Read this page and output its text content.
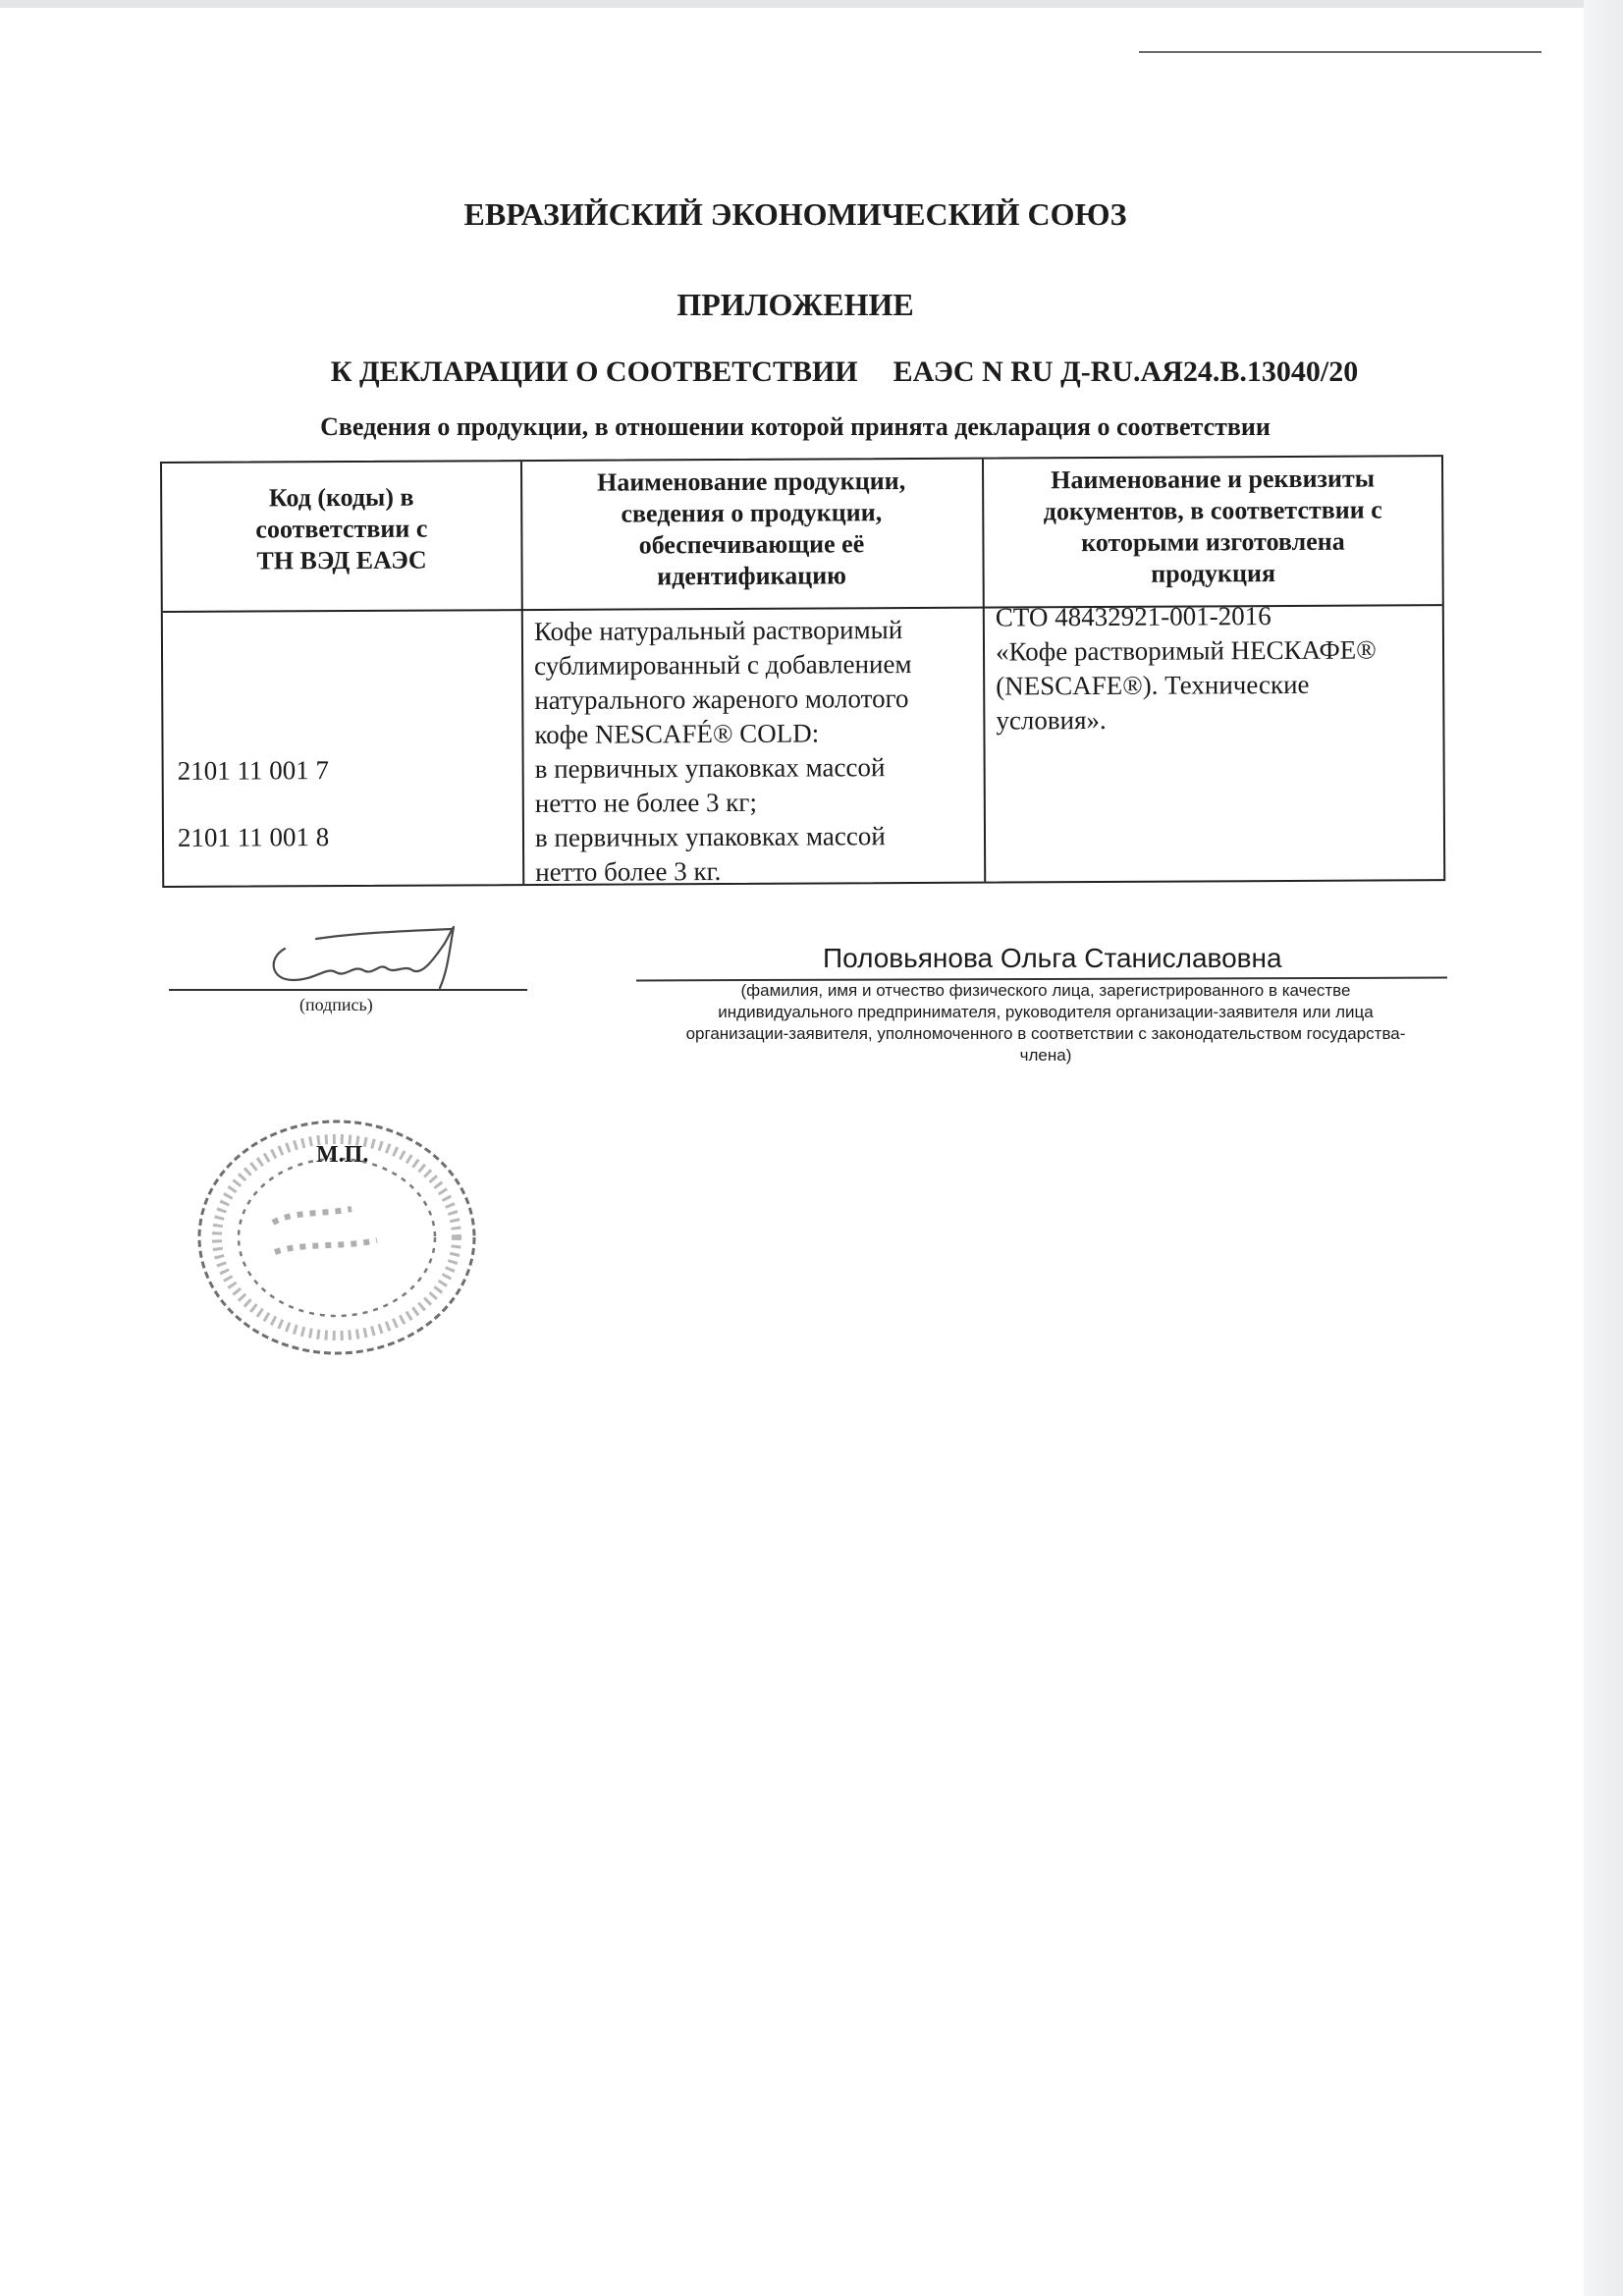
ЕВРАЗИЙСКИЙ ЭКОНОМИЧЕСКИЙ СОЮЗ
ПРИЛОЖЕНИЕ
К ДЕКЛАРАЦИИ О СООТВЕТСТВИИ ЕАЭС N RU Д-RU.АЯ24.В.13040/20
Сведения о продукции, в отношении которой принята декларация о соответствии
Код (коды) в
соответствии с
ТН ВЭД ЕАЭС
Наименование продукции,
сведения о продукции,
обеспечивающие её
идентификацию
Наименование и реквизиты
документов, в соответствии с
которыми изготовлена
продукция
2101 11 001 7
2101 11 001 8
Кофе натуральный растворимый
сублимированный с добавлением
натурального жареного молотого
кофе NESCAFÉ® COLD:
в первичных упаковках массой
нетто не более 3 кг;
в первичных упаковках массой
нетто более 3 кг.
СТО 48432921-001-2016
«Кофе растворимый НЕСКАФЕ®
(NESCAFE®). Технические
условия».
(подпись)
Половьянова Ольга Станиславовна
(фамилия, имя и отчество физического лица, зарегистрированного в качестве
индивидуального предпринимателя, руководителя организации-заявителя или лица
организации-заявителя, уполномоченного в соответствии с законодательством государства-
члена)
М.П.
